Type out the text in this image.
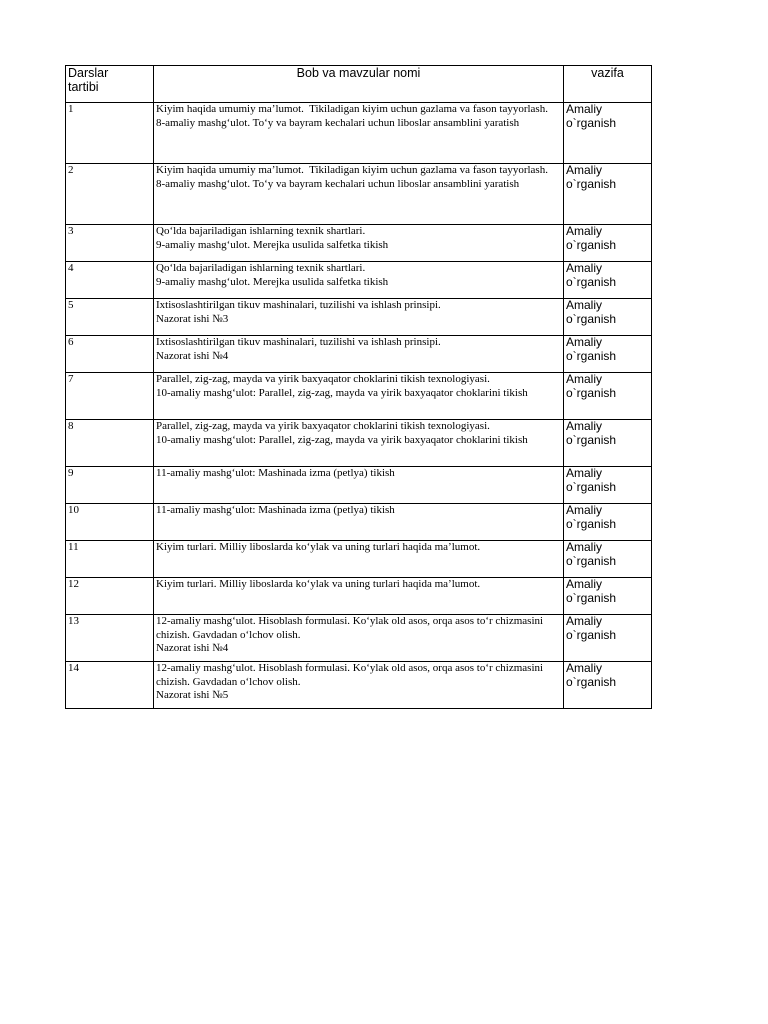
Darslar
tartibi	Bob va mavzular nomi	vazifa
1	Kiyim haqida umumiy ma’lumot.  Tikiladigan kiyim uchun gazlama va fason tayyorlash.
8-amaliy mashg‘ulot. To‘y va bayram kechalari uchun liboslar ansamblini yaratish	Amaliy
o`rganish

2	Kiyim haqida umumiy ma’lumot.  Tikiladigan kiyim uchun gazlama va fason tayyorlash.
8-amaliy mashg‘ulot. To‘y va bayram kechalari uchun liboslar ansamblini yaratish	Amaliy
o`rganish

3	Qo‘lda bajariladigan ishlarning texnik shartlari.
9-amaliy mashg‘ulot. Merejka usulida salfetka tikish	Amaliy
o`rganish

4	Qo‘lda bajariladigan ishlarning texnik shartlari.
9-amaliy mashg‘ulot. Merejka usulida salfetka tikish	Amaliy
o`rganish

5	Ixtisoslashtirilgan tikuv mashinalari, tuzilishi va ishlash prinsipi.
Nazorat ishi №3	Amaliy
o`rganish

6	Ixtisoslashtirilgan tikuv mashinalari, tuzilishi va ishlash prinsipi.
Nazorat ishi №4	Amaliy
o`rganish

7	Parallel, zig-zag, mayda va yirik baxyaqator choklarini tikish texnologiyasi.
10-amaliy mashg‘ulot: Parallel, zig-zag, mayda va yirik baxyaqator choklarini tikish	Amaliy
o`rganish

8	Parallel, zig-zag, mayda va yirik baxyaqator choklarini tikish texnologiyasi.
10-amaliy mashg‘ulot: Parallel, zig-zag, mayda va yirik baxyaqator choklarini tikish	Amaliy
o`rganish

9	11-amaliy mashg‘ulot: Mashinada izma (petlya) tikish	Amaliy
o`rganish

10	11-amaliy mashg‘ulot: Mashinada izma (petlya) tikish	Amaliy
o`rganish

11	Kiyim turlari. Milliy liboslarda ko‘ylak va uning turlari haqida ma’lumot.	Amaliy
o`rganish

12	Kiyim turlari. Milliy liboslarda ko‘ylak va uning turlari haqida ma’lumot.	Amaliy
o`rganish

13	12-amaliy mashg‘ulot. Hisoblash formulasi. Ko‘ylak old asos, orqa asos to‘r chizmasini chizish. Gavdadan o‘lchov olish.
Nazorat ishi №4	Amaliy
o`rganish

14	12-amaliy mashg‘ulot. Hisoblash formulasi. Ko‘ylak old asos, orqa asos to‘r chizmasini chizish. Gavdadan o‘lchov olish.
Nazorat ishi №5	Amaliy
o`rganish
